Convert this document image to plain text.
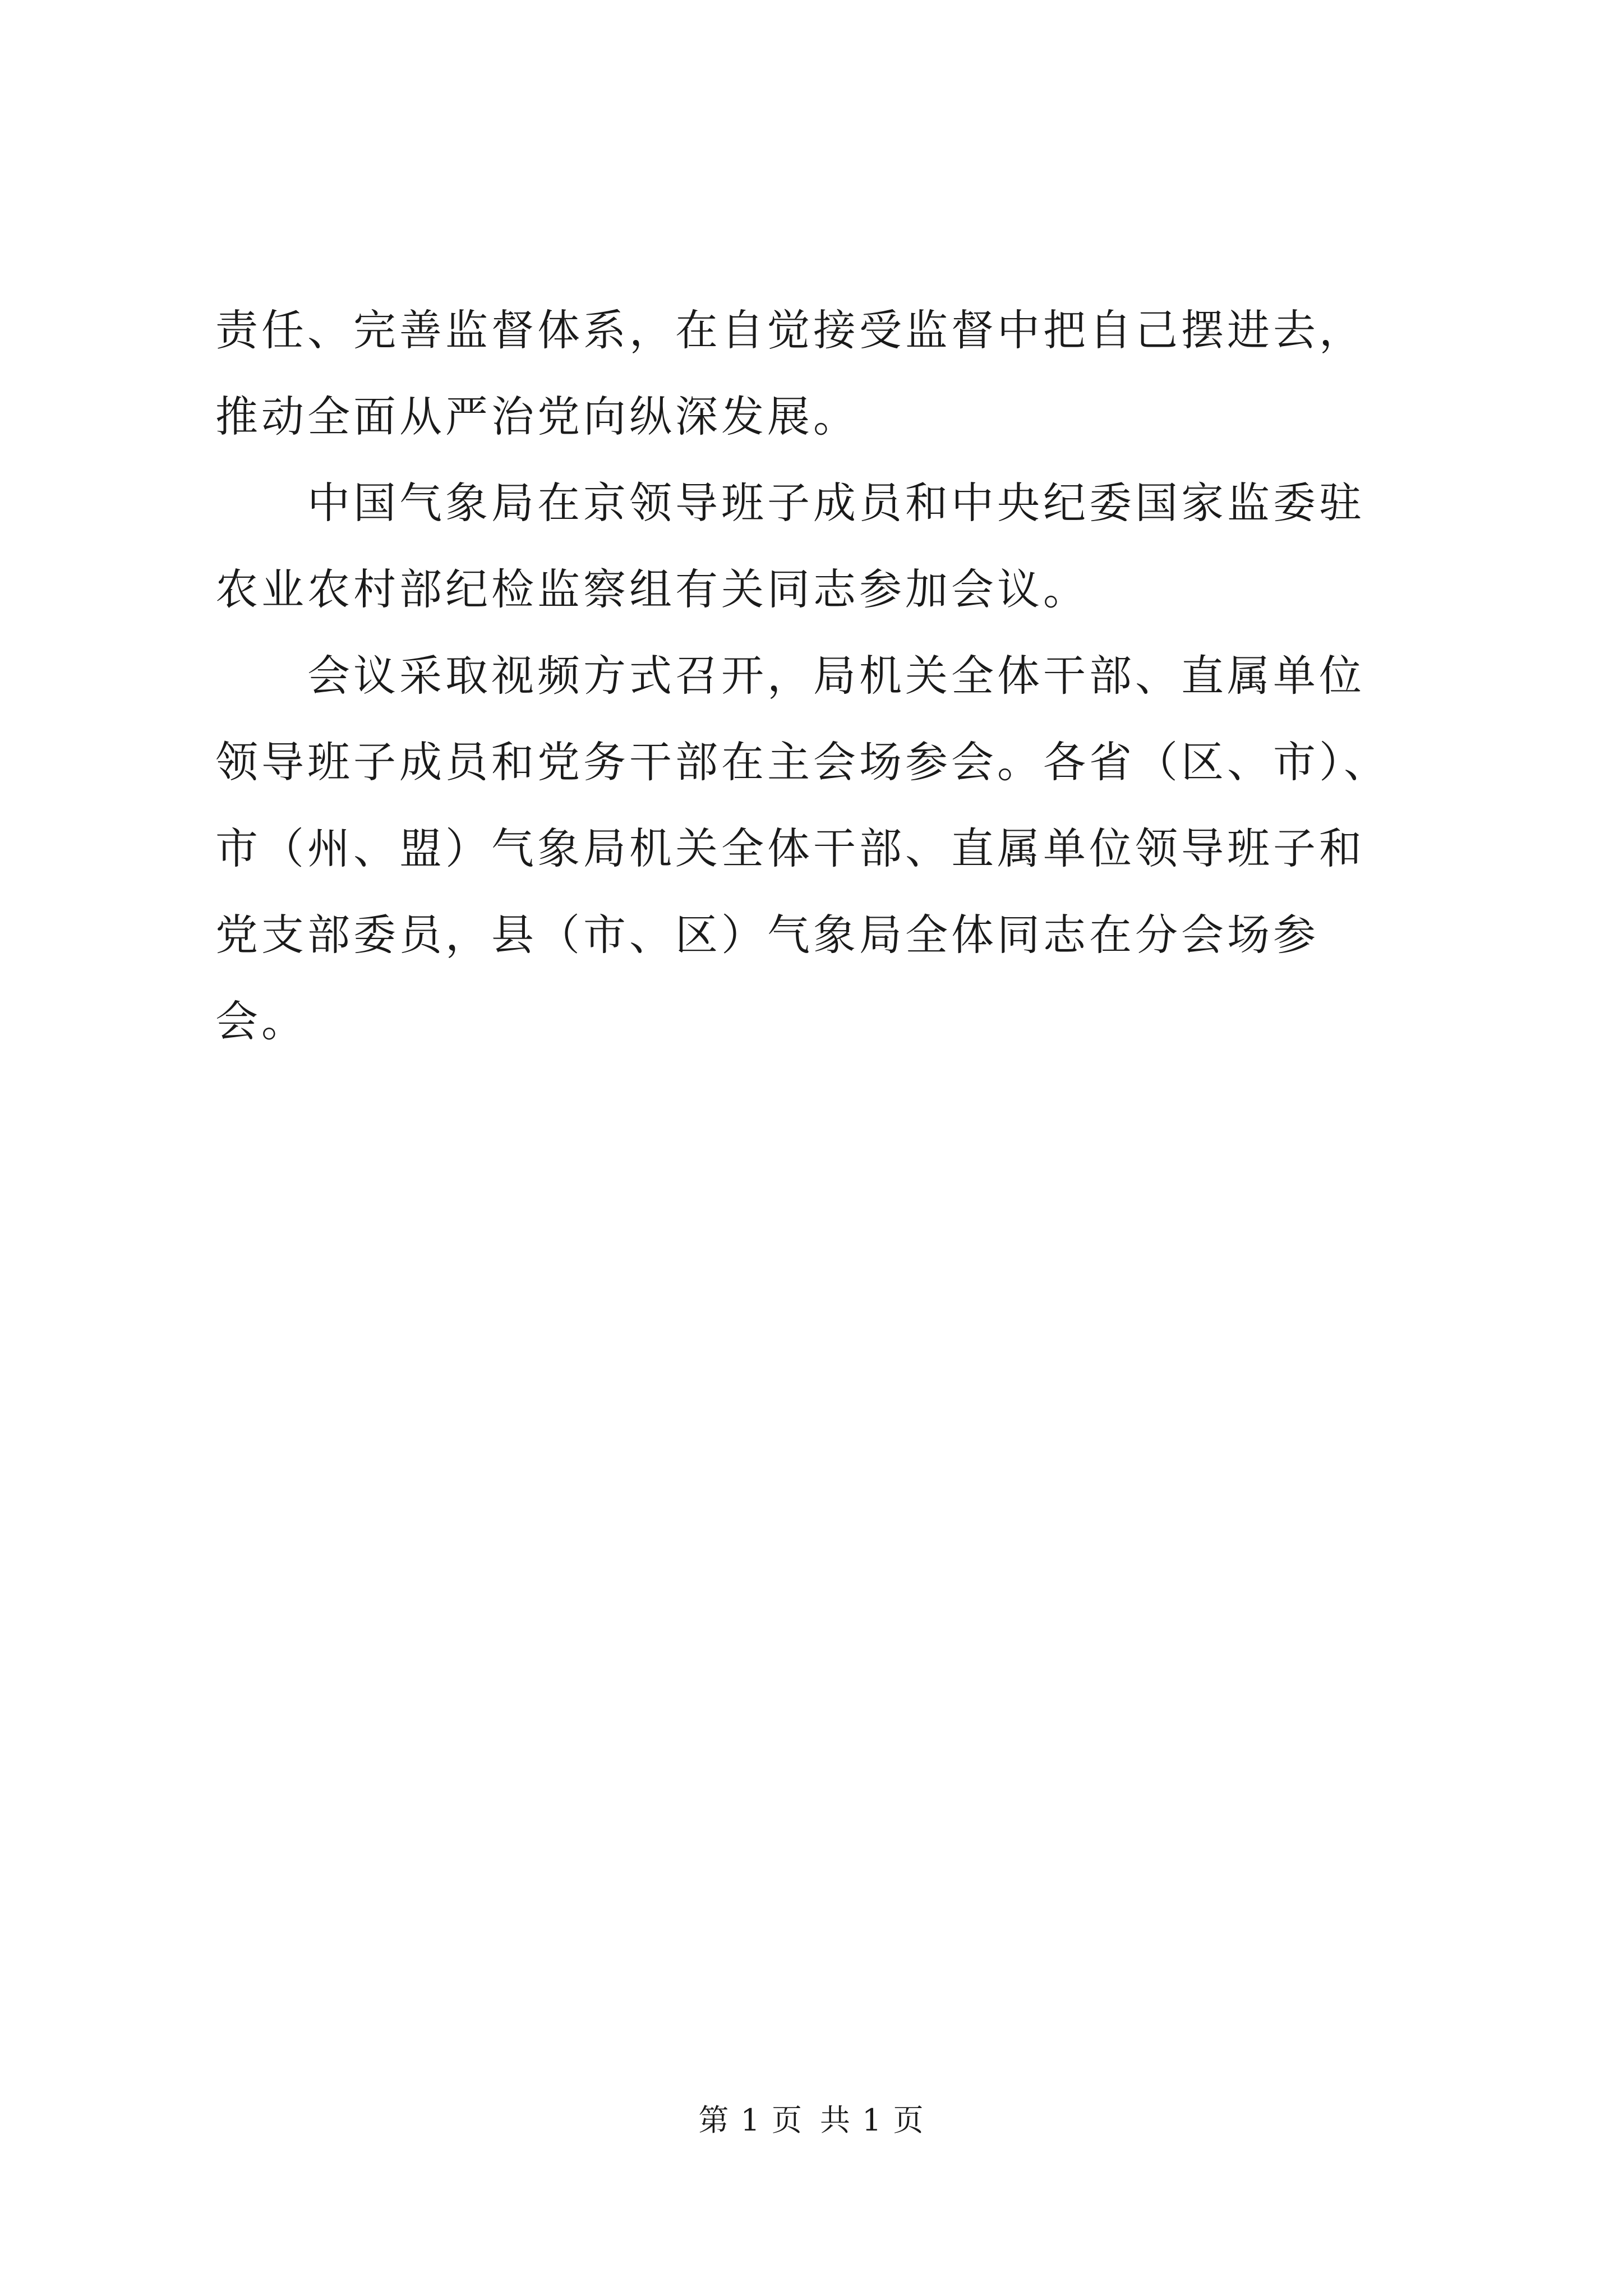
责任、完善监督体系，在自觉接受监督中把自己摆进去，推动全面从严治党向纵深发展。

中国气象局在京领导班子成员和中央纪委国家监委驻农业农村部纪检监察组有关同志参加会议。

会议采取视频方式召开，局机关全体干部、直属单位领导班子成员和党务干部在主会场参会。各省（区、市）、市（州、盟）气象局机关全体干部、直属单位领导班子和党支部委员，县（市、区）气象局全体同志在分会场参会。

第 1 页 共 1 页
